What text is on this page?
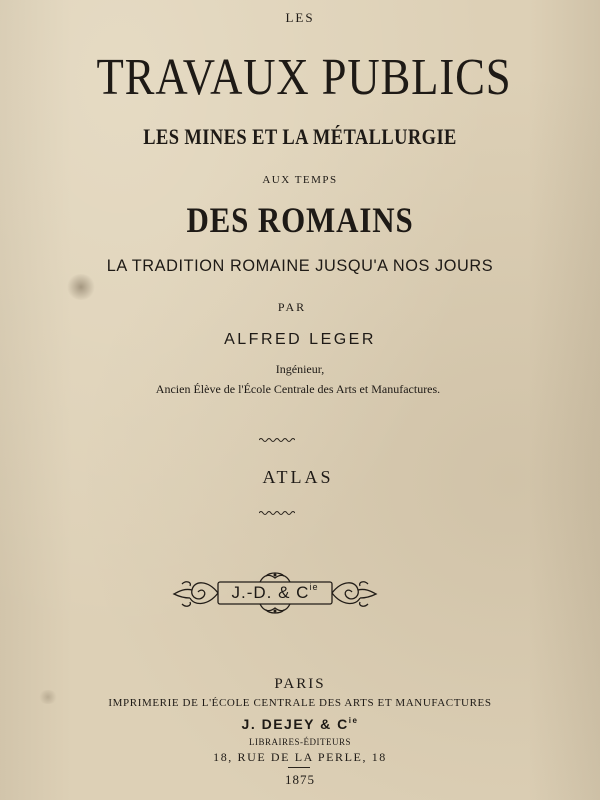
LES
TRAVAUX PUBLICS
LES MINES ET LA MÉTALLURGIE
AUX TEMPS
DES ROMAINS
LA TRADITION ROMAINE JUSQU'A NOS JOURS
PAR
ALFRED LEGER
Ingénieur,
Ancien Élève de l'École Centrale des Arts et Manufactures.
ATLAS
J.-D. & $C^{ie}$
PARIS
IMPRIMERIE DE L'ÉCOLE CENTRALE DES ARTS ET MANUFACTURES
J. DEJEY & $C^{ie}$
LIBRAIRES-ÉDITEURS
18, RUE DE LA PERLE, 18
1875
